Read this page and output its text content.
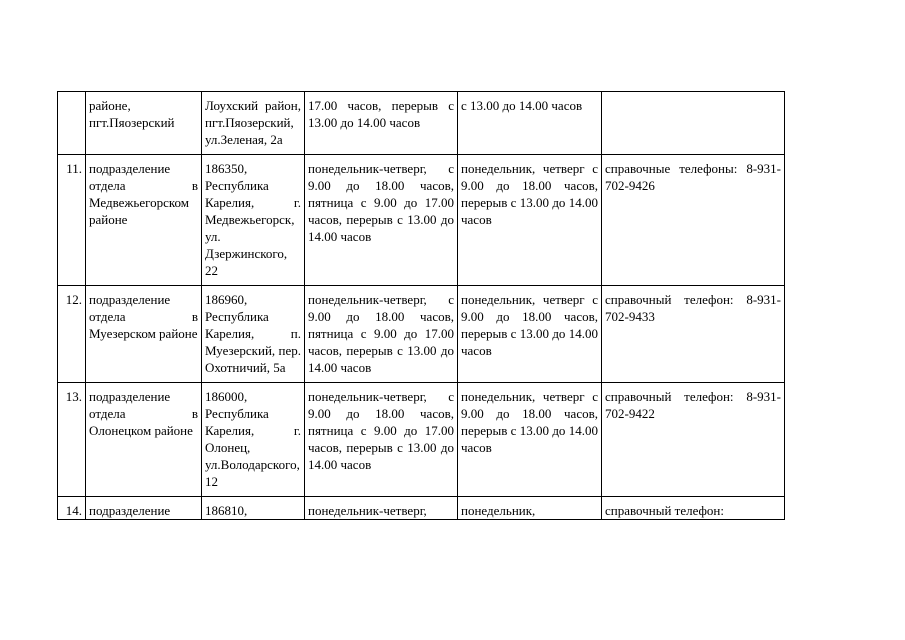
	районе, пгт.Пяозерский	Лоухский район, пгт.Пяозерский, ул.Зеленая, 2а	17.00 часов, перерыв с 13.00 до 14.00 часов	с 13.00 до 14.00 часов	
11.	подразделение отдела в Медвежьегорском районе	186350, Республика Карелия, г. Медвежьегорск, ул. Дзержинского, 22	понедельник-четверг, с 9.00 до 18.00 часов, пятница с 9.00 до 17.00 часов, перерыв с 13.00 до 14.00 часов	понедельник, четверг с 9.00 до 18.00 часов, перерыв с 13.00 до 14.00 часов	справочные телефоны: 8-931-702-9426
12.	подразделение отдела в Муезерском районе	186960, Республика Карелия, п. Муезерский, пер. Охотничий, 5а	понедельник-четверг, с 9.00 до 18.00 часов, пятница с 9.00 до 17.00 часов, перерыв с 13.00 до 14.00 часов	понедельник, четверг с 9.00 до 18.00 часов, перерыв с 13.00 до 14.00 часов	справочный телефон: 8-931-702-9433
13.	подразделение отдела в Олонецком районе	186000, Республика Карелия, г. Олонец, ул.Володарского, 12	понедельник-четверг, с 9.00 до 18.00 часов, пятница с 9.00 до 17.00 часов, перерыв с 13.00 до 14.00 часов	понедельник, четверг с 9.00 до 18.00 часов, перерыв с 13.00 до 14.00 часов	справочный телефон: 8-931-702-9422
14.	подразделение	186810,	понедельник-четверг,	понедельник,	справочный телефон:
